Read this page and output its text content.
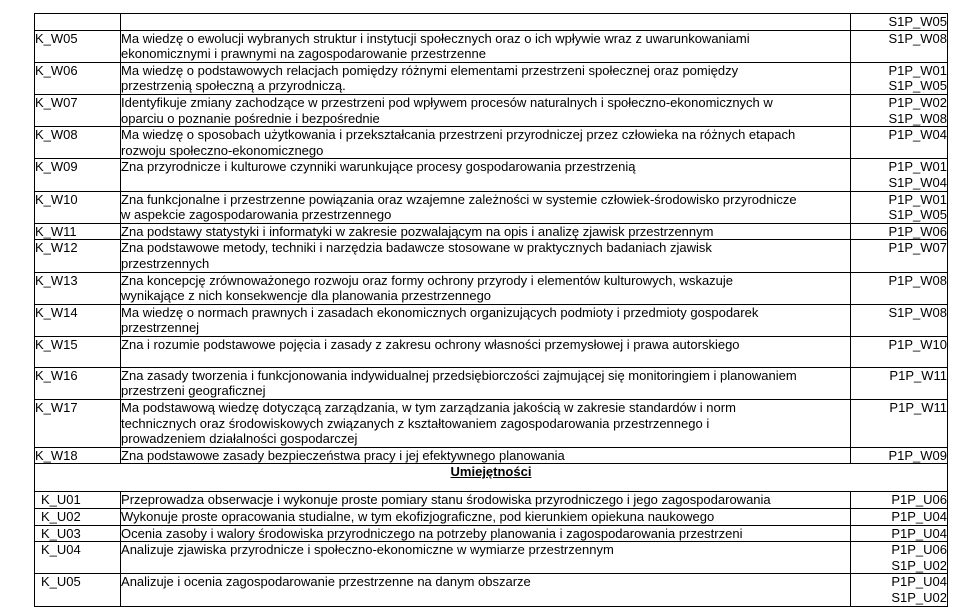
		S1P_W05

K_W05	Ma wiedzę o ewolucji wybranych struktur i instytucji społecznych oraz o ich wpływie wraz z uwarunkowaniami
ekonomicznymi i prawnymi na zagospodarowanie przestrzenne	S1P_W08

K_W06	Ma wiedzę o podstawowych relacjach pomiędzy różnymi elementami przestrzeni społecznej oraz pomiędzy
przestrzenią społeczną a przyrodniczą.	P1P_W01
S1P_W05

K_W07	Identyfikuje zmiany zachodzące w przestrzeni pod wpływem procesów naturalnych i społeczno-ekonomicznych w
oparciu o poznanie pośrednie i bezpośrednie	P1P_W02
S1P_W08

K_W08	Ma wiedzę o sposobach użytkowania i przekształcania przestrzeni przyrodniczej przez człowieka na różnych etapach
rozwoju społeczno-ekonomicznego	P1P_W04

K_W09	Zna przyrodnicze i kulturowe czynniki warunkujące procesy gospodarowania przestrzenią	P1P_W01
S1P_W04

K_W10	Zna funkcjonalne i przestrzenne powiązania oraz wzajemne zależności w systemie człowiek-środowisko przyrodnicze
w aspekcie zagospodarowania przestrzennego	P1P_W01
S1P_W05

K_W11	Zna podstawy statystyki i informatyki w zakresie pozwalającym na opis i analizę zjawisk przestrzennym	P1P_W06

K_W12	Zna podstawowe metody, techniki i narzędzia badawcze stosowane w praktycznych badaniach zjawisk
przestrzennych	P1P_W07

K_W13	Zna koncepcję zrównoważonego rozwoju oraz formy ochrony przyrody i elementów kulturowych, wskazuje
wynikające z nich konsekwencje dla planowania przestrzennego	P1P_W08

K_W14	Ma wiedzę o normach prawnych i zasadach ekonomicznych organizujących podmioty i przedmioty gospodarek
przestrzennej	S1P_W08

K_W15	Zna i rozumie podstawowe pojęcia i zasady z zakresu ochrony własności przemysłowej i prawa autorskiego	P1P_W10

K_W16	Zna zasady tworzenia i funkcjonowania indywidualnej przedsiębiorczości zajmującej się monitoringiem i planowaniem
przestrzeni geograficznej	P1P_W11

K_W17	Ma podstawową wiedzę dotyczącą zarządzania, w tym zarządzania jakością w zakresie standardów i norm
technicznych oraz środowiskowych związanych z kształtowaniem zagospodarowania przestrzennego i
prowadzeniem działalności gospodarczej	P1P_W11

K_W18	Zna podstawowe zasady bezpieczeństwa pracy i jej efektywnego planowania	P1P_W09

Umiejętności		

K_U01	Przeprowadza obserwacje i wykonuje proste pomiary stanu środowiska przyrodniczego i jego zagospodarowania	P1P_U06

K_U02	Wykonuje proste opracowania studialne, w tym ekofizjograficzne, pod kierunkiem opiekuna naukowego	P1P_U04

K_U03	Ocenia zasoby i walory środowiska przyrodniczego na potrzeby planowania i zagospodarowania przestrzeni	P1P_U04

K_U04	Analizuje zjawiska przyrodnicze i społeczno-ekonomiczne w wymiarze przestrzennym	P1P_U06
S1P_U02

K_U05	Analizuje i ocenia zagospodarowanie przestrzenne na danym obszarze	P1P_U04
S1P_U02
